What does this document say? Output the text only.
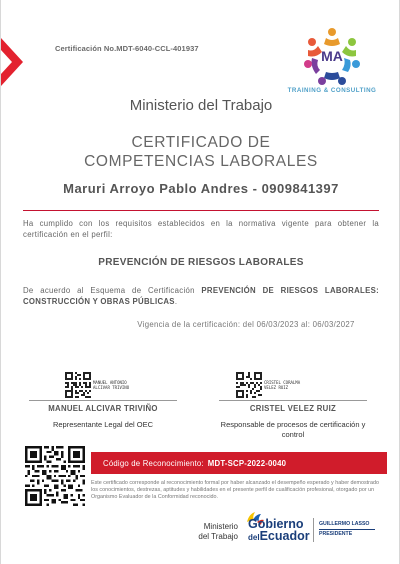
Certificación No.MDT-6040-CCL-401937	MA
TRAINING & CONSULTING
Ministerio del Trabajo
CERTIFICADO DE
COMPETENCIAS LABORALES
Maruri Arroyo Pablo Andres - 0909841397
Ha cumplido con los requisitos establecidos en la normativa vigente para obtener la certificación en el perfil:
PREVENCIÓN DE RIESGOS LABORALES
De acuerdo al Esquema de Certificación PREVENCIÓN DE RIESGOS LABORALES: CONSTRUCCIÓN Y OBRAS PÚBLICAS.
Vigencia de la certificación: del 06/03/2023 al: 06/03/2027
MANUEL ANTONIO
ALCIVAR TRIVINO
MANUEL ALCIVAR TRIVIÑO
Representante Legal del OEC
CRISTEL CORALMA
VELEZ RUIZ
CRISTEL VELEZ RUIZ
Responsable de procesos de certificación y control
Código de Reconocimiento: MDT-SCP-2022-0040
Este certificado corresponde al reconocimiento formal por haber alcanzado el desempeño esperado y haber demostrado los conocimientos, destrezas, aptitudes y habilidades en el presente perfil de cualificación profesional, otorgado por un Organismo Evaluador de la Conformidad reconocido.
Ministerio
del Trabajo
Gobierno
delEcuador
GUILLERMO LASSO
PRESIDENTE
